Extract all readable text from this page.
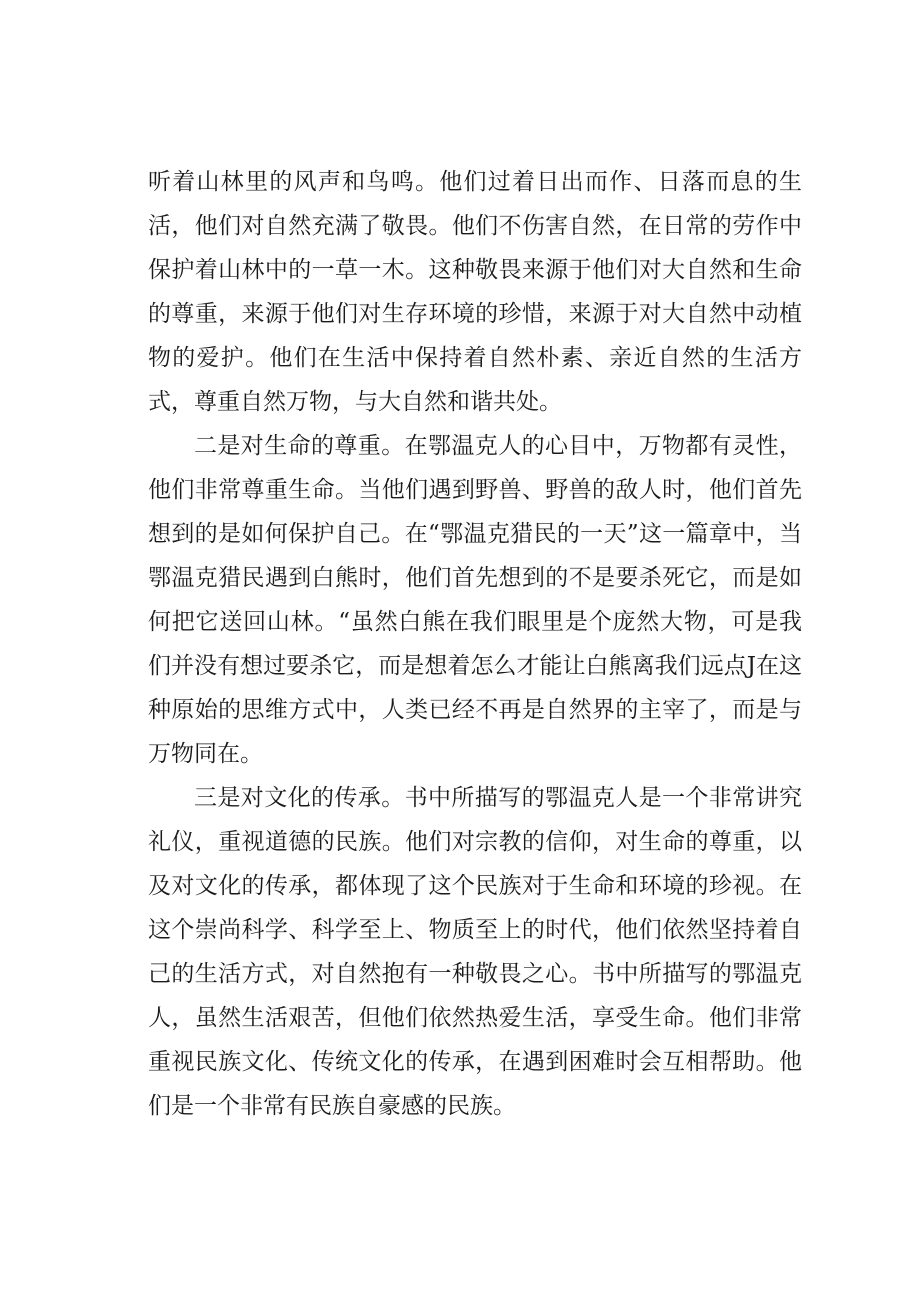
听着山林里的风声和鸟鸣。他们过着日出而作、日落而息的生活，他们对自然充满了敬畏。他们不伤害自然，在日常的劳作中保护着山林中的一草一木。这种敬畏来源于他们对大自然和生命的尊重，来源于他们对生存环境的珍惜，来源于对大自然中动植物的爱护。他们在生活中保持着自然朴素、亲近自然的生活方式，尊重自然万物，与大自然和谐共处。

二是对生命的尊重。在鄂温克人的心目中，万物都有灵性，他们非常尊重生命。当他们遇到野兽、野兽的敌人时，他们首先想到的是如何保护自己。在“鄂温克猎民的一天”这一篇章中，当鄂温克猎民遇到白熊时，他们首先想到的不是要杀死它，而是如何把它送回山林。“虽然白熊在我们眼里是个庞然大物，可是我们并没有想过要杀它，而是想着怎么才能让白熊离我们远点J在这种原始的思维方式中，人类已经不再是自然界的主宰了，而是与万物同在。

三是对文化的传承。书中所描写的鄂温克人是一个非常讲究礼仪，重视道德的民族。他们对宗教的信仰，对生命的尊重，以及对文化的传承，都体现了这个民族对于生命和环境的珍视。在这个崇尚科学、科学至上、物质至上的时代，他们依然坚持着自己的生活方式，对自然抱有一种敬畏之心。书中所描写的鄂温克人，虽然生活艰苦，但他们依然热爱生活，享受生命。他们非常重视民族文化、传统文化的传承，在遇到困难时会互相帮助。他们是一个非常有民族自豪感的民族。
